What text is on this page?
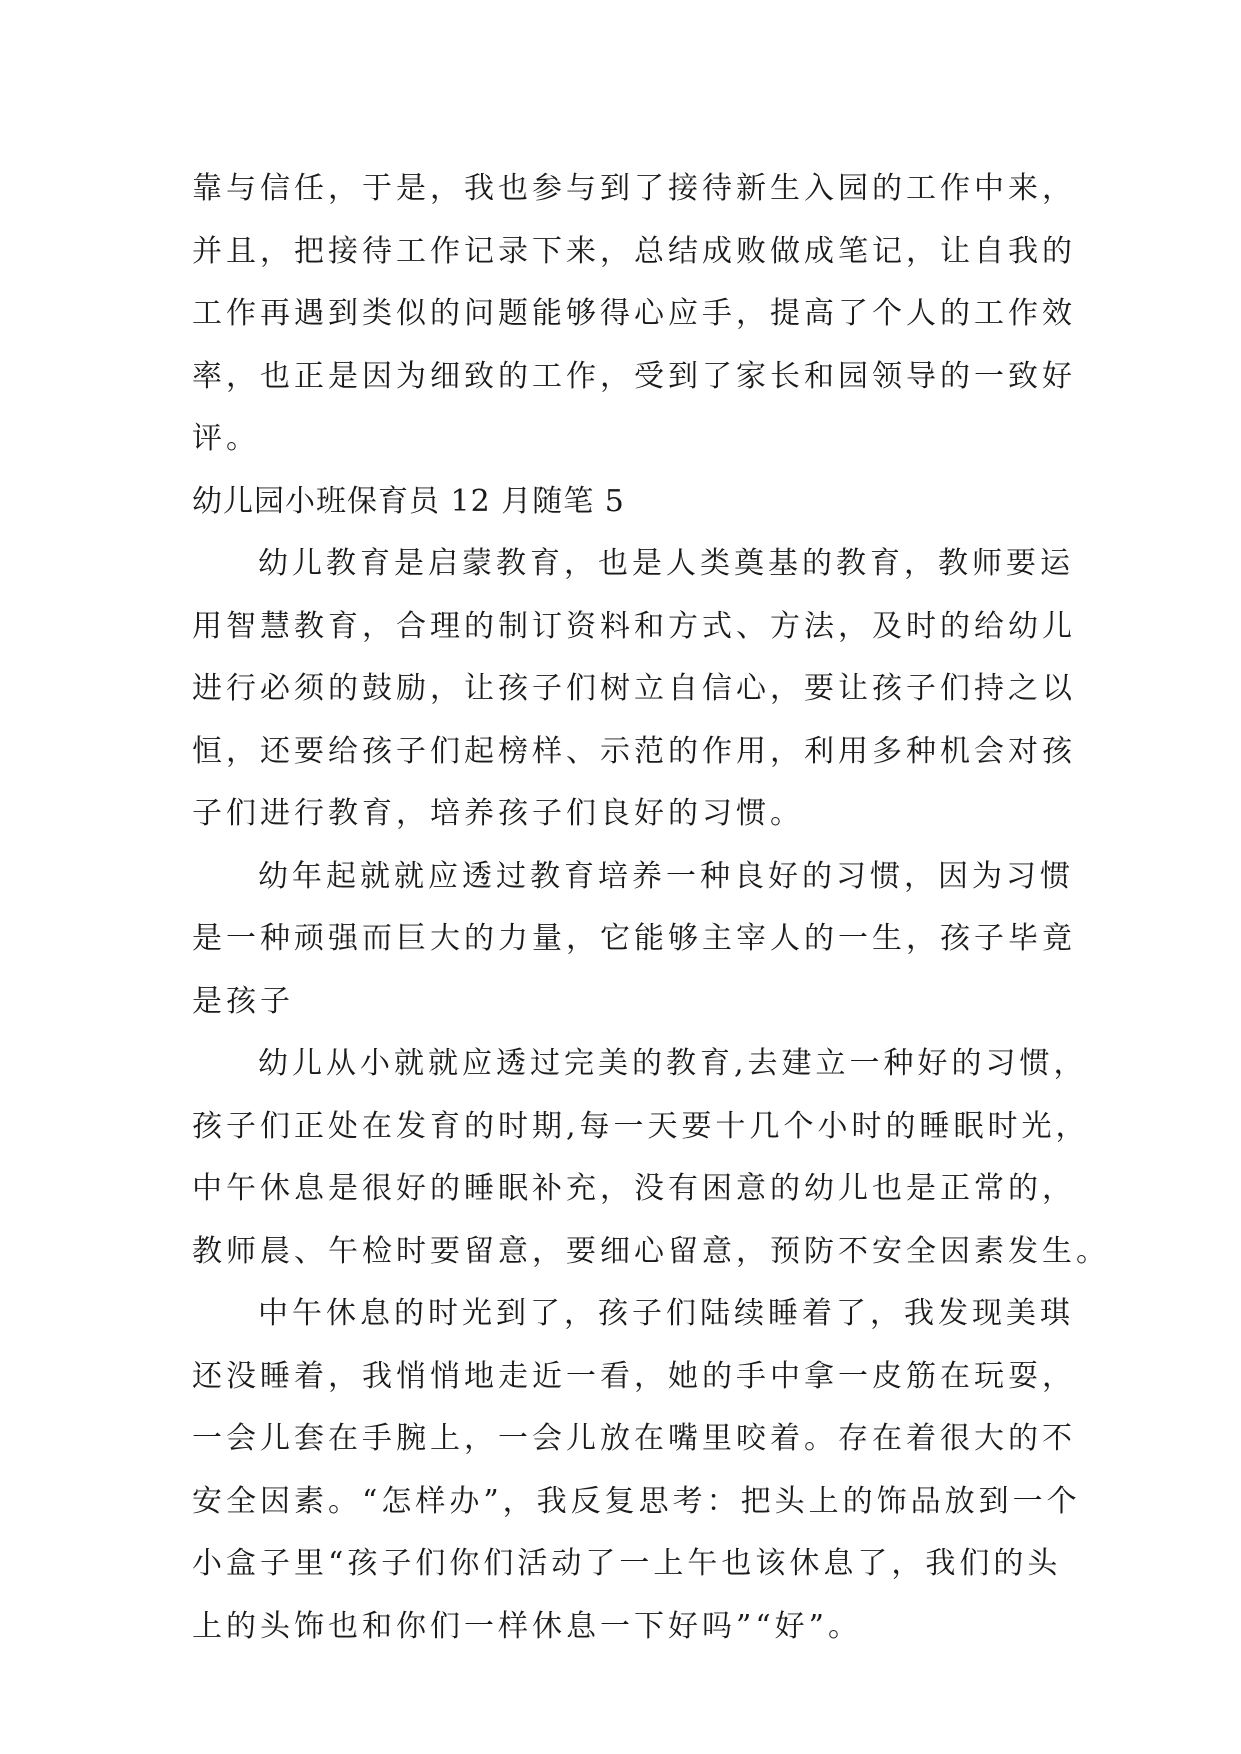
靠与信任，于是，我也参与到了接待新生入园的工作中来，
并且，把接待工作记录下来，总结成败做成笔记，让自我的
工作再遇到类似的问题能够得心应手，提高了个人的工作效
率，也正是因为细致的工作，受到了家长和园领导的一致好
评。
幼儿园小班保育员 12 月随笔 5
幼儿教育是启蒙教育，也是人类奠基的教育，教师要运
用智慧教育，合理的制订资料和方式、方法，及时的给幼儿
进行必须的鼓励，让孩子们树立自信心，要让孩子们持之以
恒，还要给孩子们起榜样、示范的作用，利用多种机会对孩
子们进行教育，培养孩子们良好的习惯。
幼年起就就应透过教育培养一种良好的习惯，因为习惯
是一种顽强而巨大的力量，它能够主宰人的一生，孩子毕竟
是孩子
幼儿从小就就应透过完美的教育,去建立一种好的习惯，
孩子们正处在发育的时期,每一天要十几个小时的睡眠时光，
中午休息是很好的睡眠补充，没有困意的幼儿也是正常的，
教师晨、午检时要留意，要细心留意，预防不安全因素发生。
中午休息的时光到了，孩子们陆续睡着了，我发现美琪
还没睡着，我悄悄地走近一看，她的手中拿一皮筋在玩耍，
一会儿套在手腕上，一会儿放在嘴里咬着。存在着很大的不
安全因素。“怎样办”，我反复思考：把头上的饰品放到一个
小盒子里“孩子们你们活动了一上午也该休息了，我们的头
上的头饰也和你们一样休息一下好吗”“好”。
